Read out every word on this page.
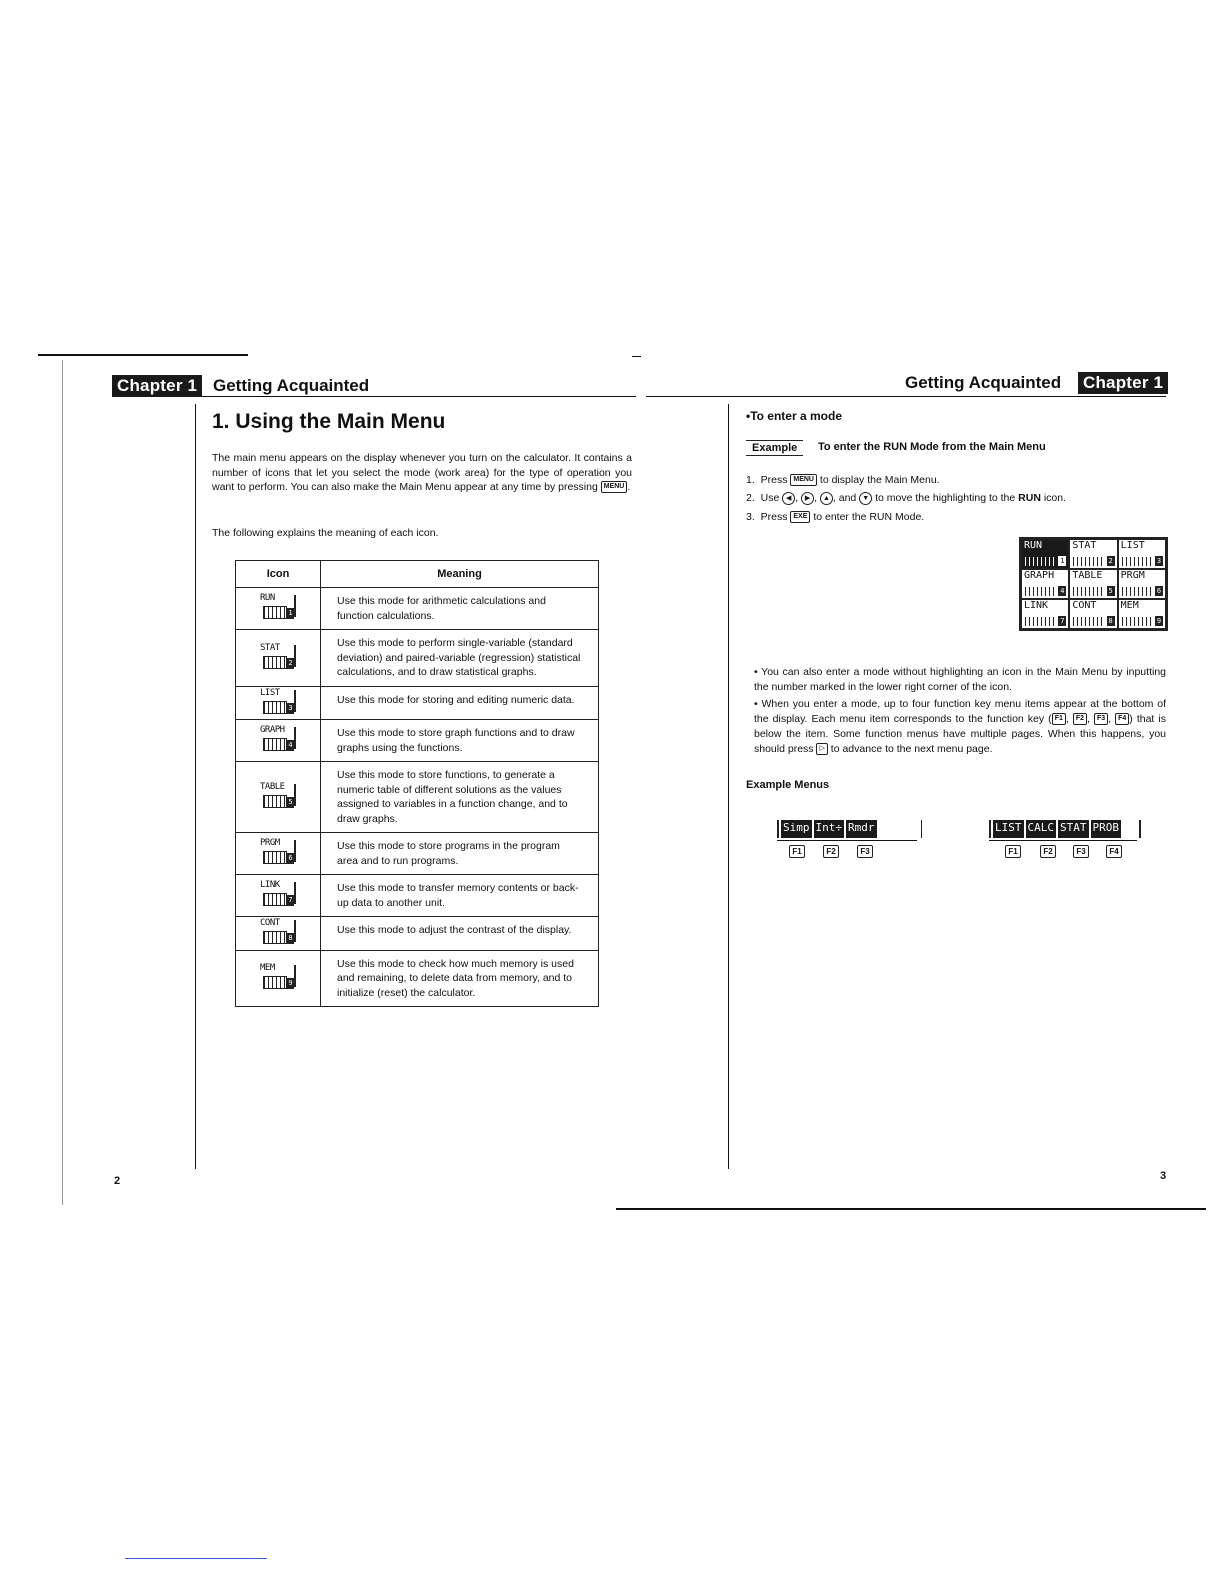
Chapter 1 Getting Acquainted
1. Using the Main Menu
The main menu appears on the display whenever you turn on the calculator. It contains a number of icons that let you select the mode (work area) for the type of operation you want to perform. You can also make the Main Menu appear at any time by pressing MENU .
The following explains the meaning of each icon.
Icon	Meaning

RUN
1	Use this mode for arithmetic calculations and function calculations.

STAT
2	Use this mode to perform single-variable (standard deviation) and paired-variable (regression) statistical calculations, and to draw statistical graphs.

LIST
3	Use this mode for storing and editing numeric data.

GRAPH
4	Use this mode to store graph functions and to draw graphs using the functions.

TABLE
5	Use this mode to store functions, to generate a numeric table of different solutions as the values assigned to variables in a function change, and to draw graphs.

PRGM
6	Use this mode to store programs in the program area and to run programs.

LINK
7	Use this mode to transfer memory contents or back-up data to another unit.

CONT
8	Use this mode to adjust the contrast of the display.

MEM
9	Use this mode to check how much memory is used and remaining, to delete data from memory, and to initialize (reset) the calculator.
2
Getting Acquainted Chapter 1
•To enter a mode
Example	To enter the RUN Mode from the Main Menu
1. Press MENU to display the Main Menu.
2. Use ◀ , ▶ , ▲ , and ▼ to move the highlighting to the RUN icon.
3. Press EXE to enter the RUN Mode.
RUN
1
STAT
2
LIST
3
GRAPH
4
TABLE
5
PRGM
6
LINK
7
CONT
8
MEM
9
• You can also enter a mode without highlighting an icon in the Main Menu by inputting the number marked in the lower right corner of the icon.
• When you enter a mode, up to four function key menu items appear at the bottom of the display. Each menu item corresponds to the function key ( F1 , F2 , F3 , F4 ) that is below the item. Some function menus have multiple pages. When this happens, you should press ▷ to advance to the next menu page.
Example Menus
Simp Int÷ Rmdr
F1	F2	F3
LIST CALC STAT PROB
F1	F2	F3	F4
3
